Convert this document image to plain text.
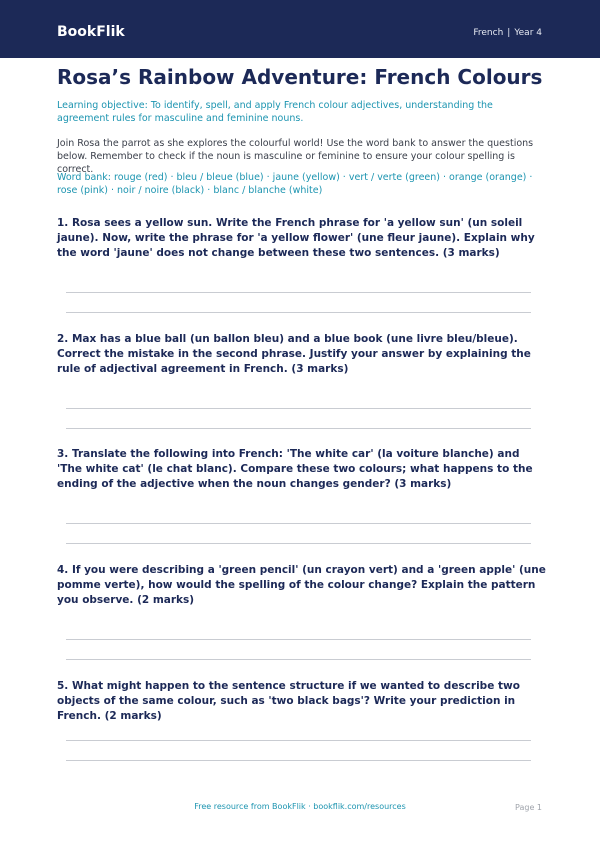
BookFlik	French | Year 4
Rosa’s Rainbow Adventure: French Colours

Learning objective: To identify, spell, and apply French colour adjectives, understanding the agreement rules for masculine and feminine nouns.

Join Rosa the parrot as she explores the colourful world! Use the word bank to answer the questions below. Remember to check if the noun is masculine or feminine to ensure your colour spelling is correct.

Word bank: rouge (red) · bleu / bleue (blue) · jaune (yellow) · vert / verte (green) · orange (orange) · rose (pink) · noir / noire (black) · blanc / blanche (white)

1. Rosa sees a yellow sun. Write the French phrase for 'a yellow sun' (un soleil jaune). Now, write the phrase for 'a yellow flower' (une fleur jaune). Explain why the word 'jaune' does not change between these two sentences. (3 marks)

2. Max has a blue ball (un ballon bleu) and a blue book (une livre bleu/bleue). Correct the mistake in the second phrase. Justify your answer by explaining the rule of adjectival agreement in French. (3 marks)

3. Translate the following into French: 'The white car' (la voiture blanche) and 'The white cat' (le chat blanc). Compare these two colours; what happens to the ending of the adjective when the noun changes gender? (3 marks)

4. If you were describing a 'green pencil' (un crayon vert) and a 'green apple' (une pomme verte), how would the spelling of the colour change? Explain the pattern you observe. (2 marks)

5. What might happen to the sentence structure if we wanted to describe two objects of the same colour, such as 'two black bags'? Write your prediction in French. (2 marks)

Free resource from BookFlik · bookflik.com/resources	Page 1
